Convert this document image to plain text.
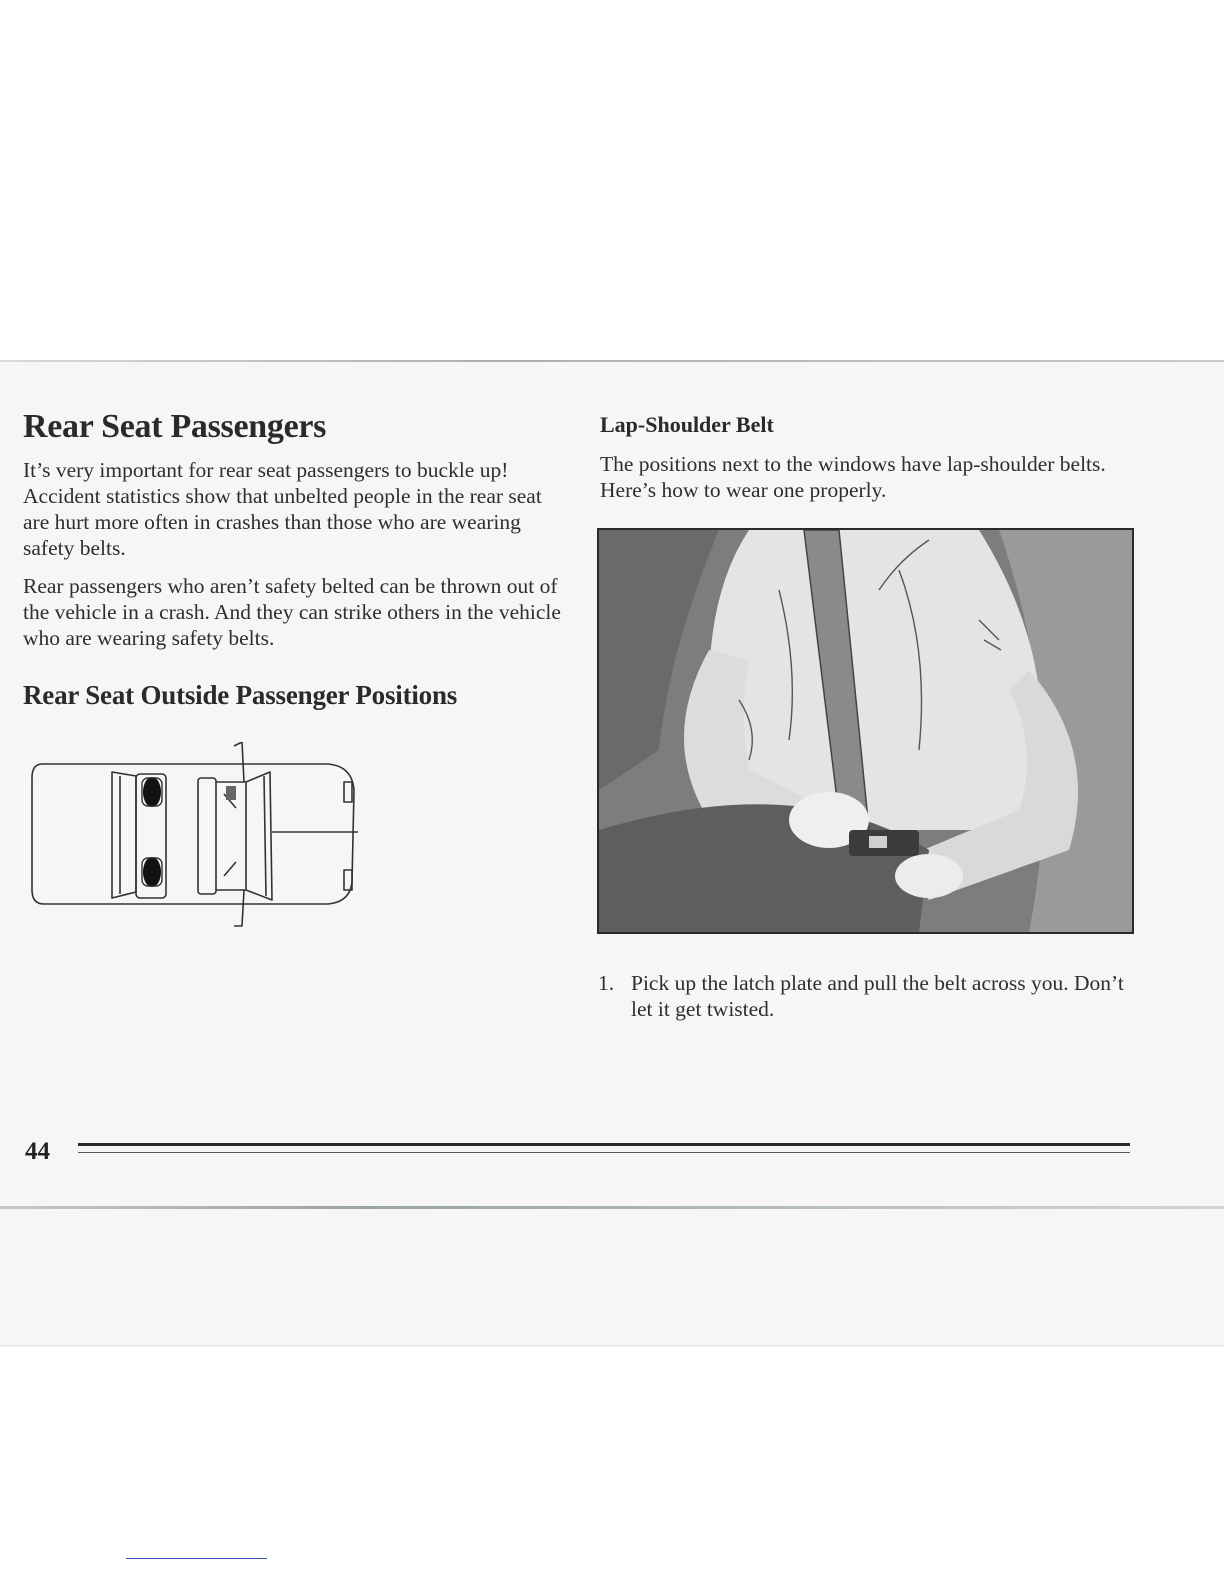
Rear Seat Passengers

It’s very important for rear seat passengers to buckle up! Accident statistics show that unbelted people in the rear seat are hurt more often in crashes than those who are wearing safety belts.

Rear passengers who aren’t safety belted can be thrown out of the vehicle in a crash. And they can strike others in the vehicle who are wearing safety belts.

Rear Seat Outside Passenger Positions
Lap-Shoulder Belt

The positions next to the windows have lap-shoulder belts. Here’s how to wear one properly.

1. Pick up the latch plate and pull the belt across you. Don’t let it get twisted.
44
